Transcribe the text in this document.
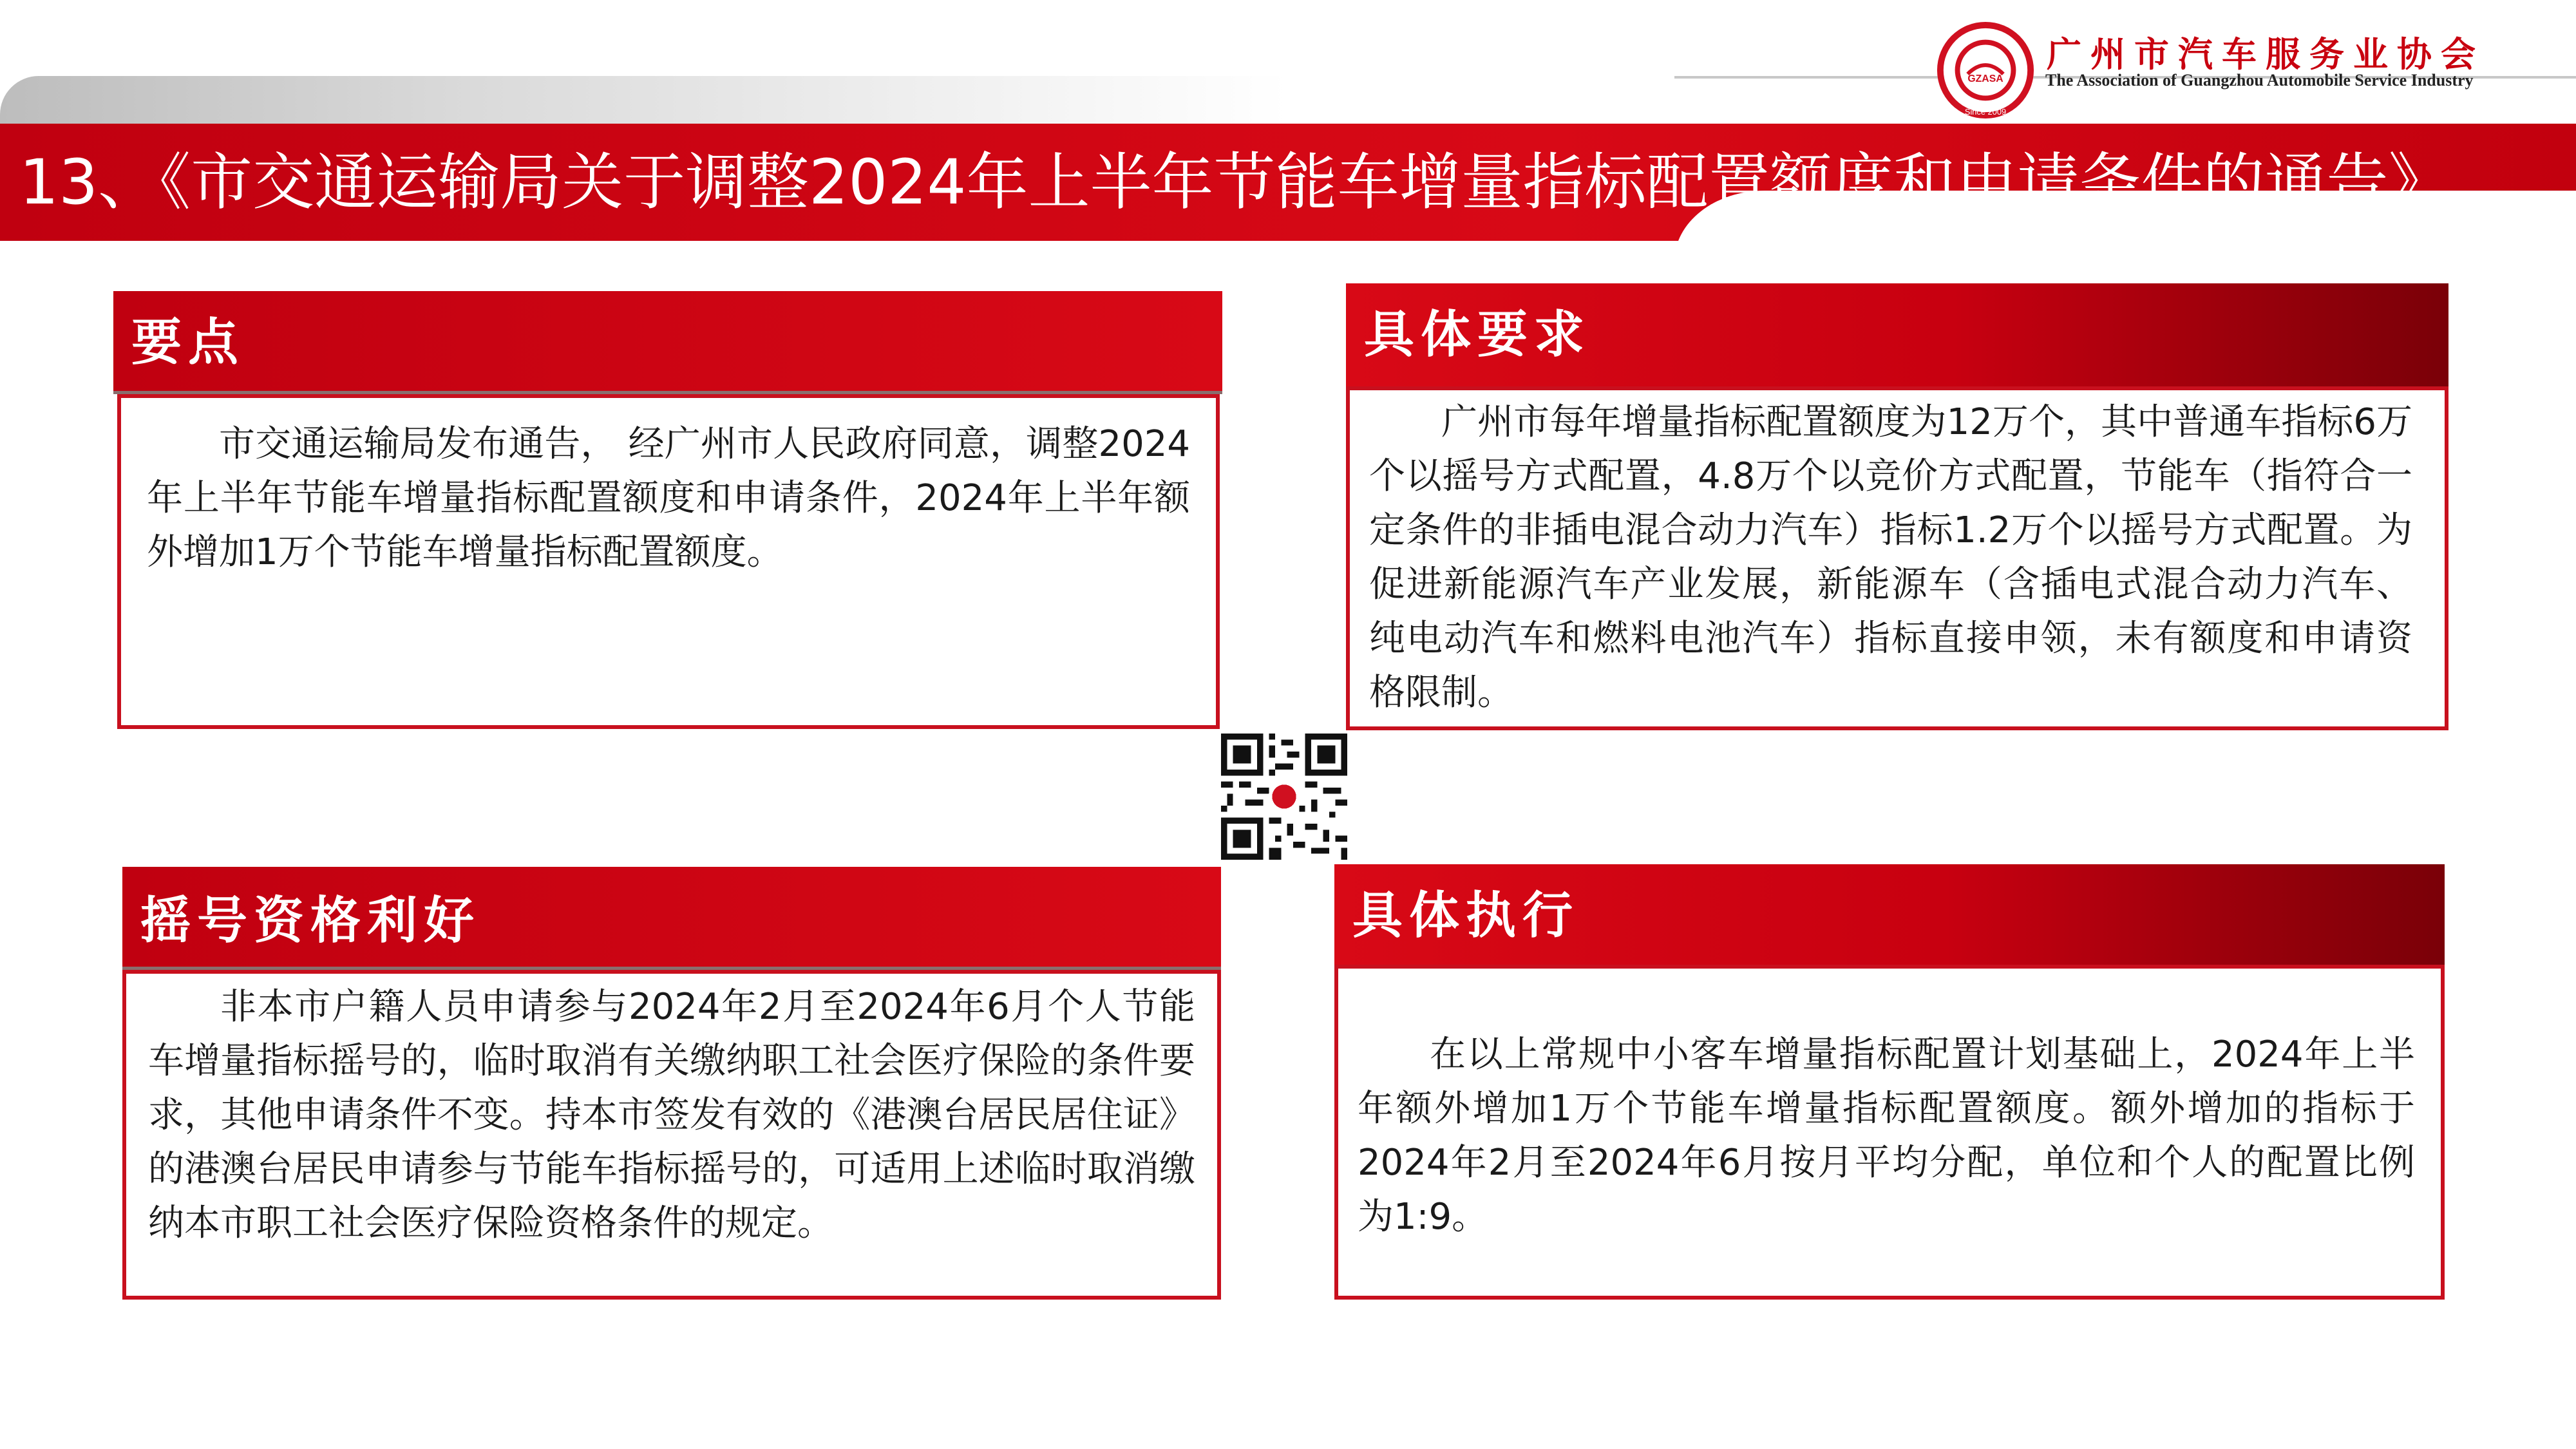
GZASA
Since 2009
广州市汽车服务业协会
The Association of Guangzhou Automobile Service Industry
13、《市交通运输局关于调整2024年上半年节能车增量指标配置额度和申请条件的通告》
要点

市交通运输局发布通告， 经广州市人民政府同意，调整2024年上半年节能车增量指标配置额度和申请条件，2024年上半年额外增加1万个节能车增量指标配置额度。

具体要求

广州市每年增量指标配置额度为12万个，其中普通车指标6万个以摇号方式配置，4.8万个以竞价方式配置，节能车（指符合一定条件的非插电混合动力汽车）指标1.2万个以摇号方式配置。为促进新能源汽车产业发展，新能源车（含插电式混合动力汽车、纯电动汽车和燃料电池汽车）指标直接申领，未有额度和申请资格限制。

摇号资格利好

非本市户籍人员申请参与2024年2月至2024年6月个人节能车增量指标摇号的，临时取消有关缴纳职工社会医疗保险的条件要求，其他申请条件不变。持本市签发有效的《港澳台居民居住证》的港澳台居民申请参与节能车指标摇号的，可适用上述临时取消缴纳本市职工社会医疗保险资格条件的规定。

具体执行

在以上常规中小客车增量指标配置计划基础上，2024年上半年额外增加1万个节能车增量指标配置额度。额外增加的指标于2024年2月至2024年6月按月平均分配，单位和个人的配置比例为1:9。
